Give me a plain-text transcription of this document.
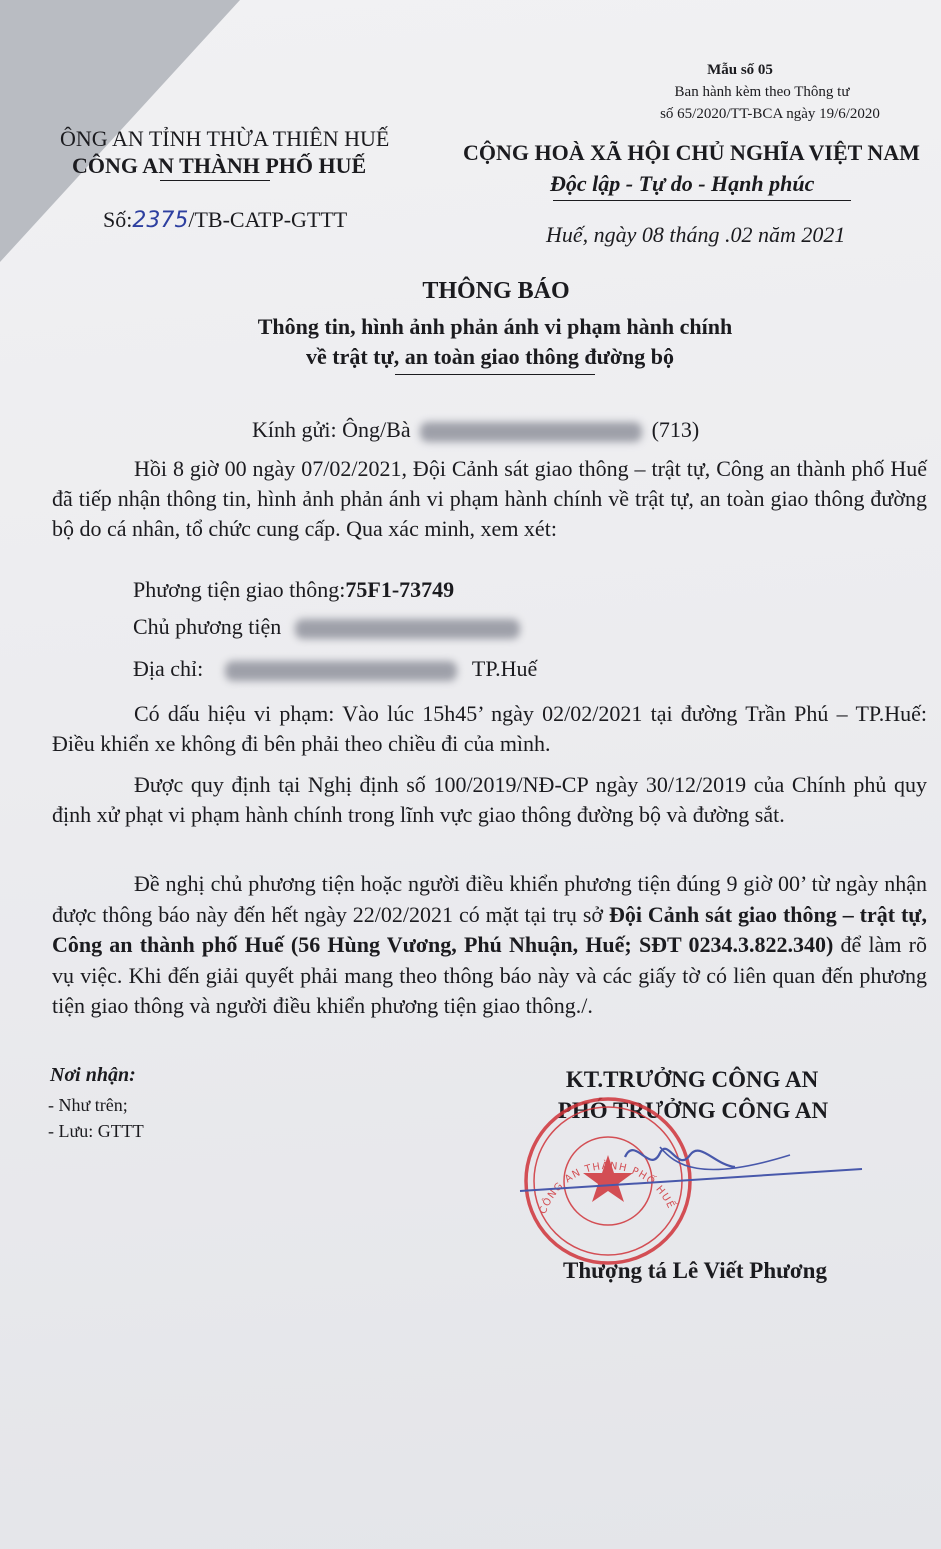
Mẫu số 05
Ban hành kèm theo Thông tư
số 65/2020/TT-BCA ngày 19/6/2020
ÔNG AN TỈNH THỪA THIÊN HUẾ
CÔNG AN THÀNH PHỐ HUẾ
Số:2375/TB-CATP-GTTT
CỘNG HOÀ XÃ HỘI CHỦ NGHĨA VIỆT NAM
Độc lập - Tự do - Hạnh phúc
Huế, ngày 08 tháng .02 năm 2021
THÔNG BÁO
Thông tin, hình ảnh phản ánh vi phạm hành chính
về trật tự, an toàn giao thông đường bộ
Kính gửi: Ông/Bà	(713)

Hồi 8 giờ 00 ngày 07/02/2021, Đội Cảnh sát giao thông – trật tự, Công an thành phố Huế đã tiếp nhận thông tin, hình ảnh phản ánh vi phạm hành chính về trật tự, an toàn giao thông đường bộ do cá nhân, tổ chức cung cấp. Qua xác minh, xem xét:

Phương tiện giao thông:75F1-73749
Chủ phương tiện
Địa chỉ:	TP.Huế

Có dấu hiệu vi phạm: Vào lúc 15h45’ ngày 02/02/2021 tại đường Trần Phú – TP.Huế: Điều khiển xe không đi bên phải theo chiều đi của mình.

Được quy định tại Nghị định số 100/2019/NĐ-CP ngày 30/12/2019 của Chính phủ quy định xử phạt vi phạm hành chính trong lĩnh vực giao thông đường bộ và đường sắt.

Đề nghị chủ phương tiện hoặc người điều khiển phương tiện đúng 9 giờ 00’ từ ngày nhận được thông báo này đến hết ngày 22/02/2021 có mặt tại trụ sở Đội Cảnh sát giao thông – trật tự, Công an thành phố Huế (56 Hùng Vương, Phú Nhuận, Huế; SĐT 0234.3.822.340) để làm rõ vụ việc. Khi đến giải quyết phải mang theo thông báo này và các giấy tờ có liên quan đến phương tiện giao thông và người điều khiển phương tiện giao thông./.

Nơi nhận:
- Như trên;
- Lưu: GTTT
KT.TRƯỞNG CÔNG AN
PHÓ TRƯỞNG CÔNG AN
CÔNG AN THÀNH PHỐ HUẾ
Thượng tá Lê Viết Phương
